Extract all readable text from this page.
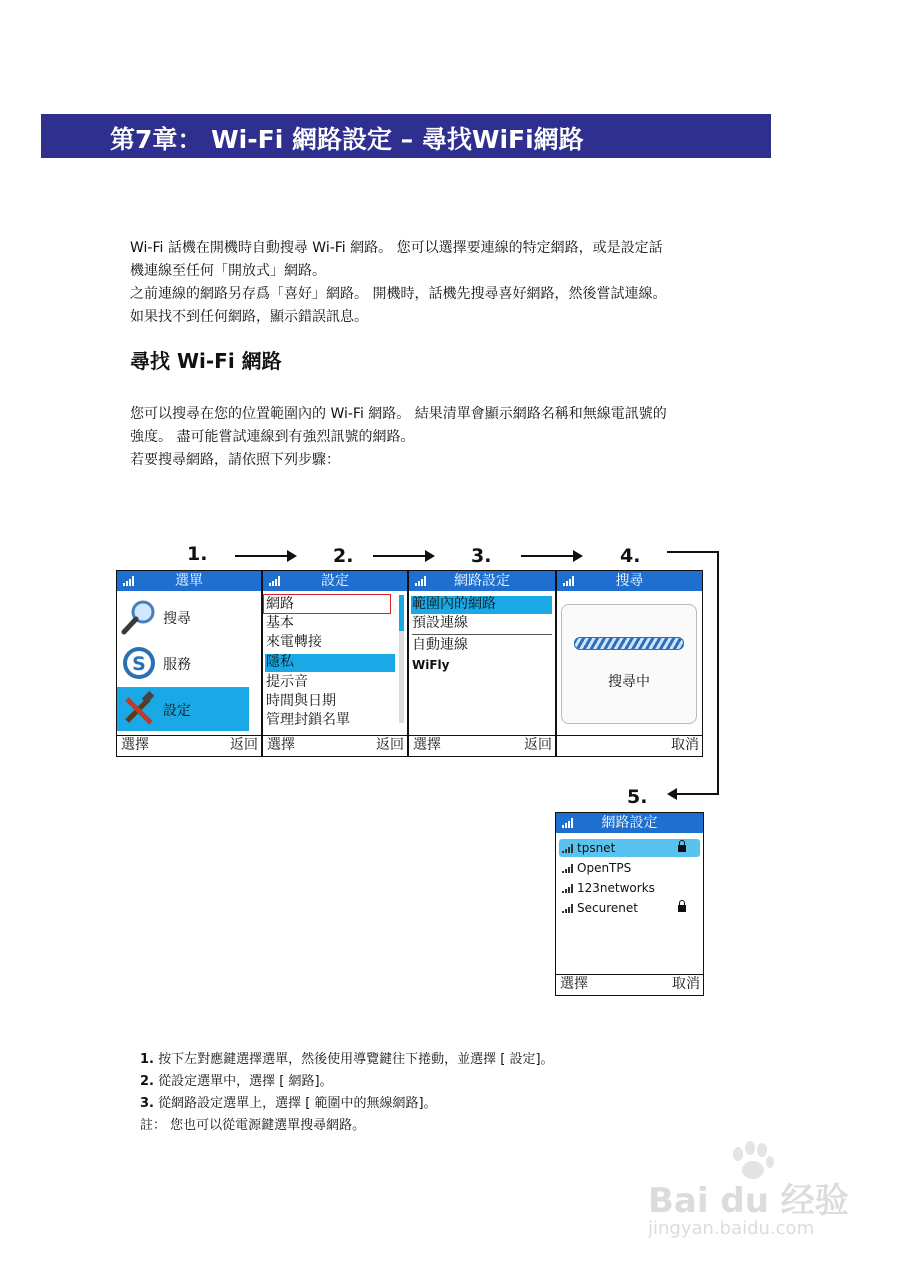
第7章： Wi-Fi 網路設定 – 尋找WiFi網路
Wi-Fi 話機在開機時自動搜尋 Wi-Fi 網路。 您可以選擇要連線的特定網路，或是設定話
機連線至任何「開放式」網路。
之前連線的網路另存爲「喜好」網路。 開機時，話機先搜尋喜好網路，然後嘗試連線。
如果找不到任何網路，顯示錯誤訊息。
尋找 Wi-Fi 網路
您可以搜尋在您的位置範圍內的 Wi-Fi 網路。 結果清單會顯示網路名稱和無線電訊號的
強度。 盡可能嘗試連線到有強烈訊號的網路。
若要搜尋網路，請依照下列步驟：
1.	2.	3.	4.
5.
選單
搜尋
S 服務
設定
選擇	返回
設定
網路
基本
來電轉接
隱私
提示音
時間與日期
管理封鎖名單
選擇	返回
網路設定
範圍內的網路
預設連線
自動連線
WiFly
選擇	返回
搜尋
搜尋中
取消
網路設定
tpsnet
OpenTPS
123networks
Securenet
選擇	取消
1. 按下左對應鍵選擇選單，然後使用導覽鍵往下捲動，並選擇 [ 設定]。
2. 從設定選單中，選擇 [ 網路]。
3. 從網路設定選單上，選擇 [ 範圍中的無線網路]。
註： 您也可以從電源鍵選單搜尋網路。
Bai du 经验
jingyan.baidu.com
